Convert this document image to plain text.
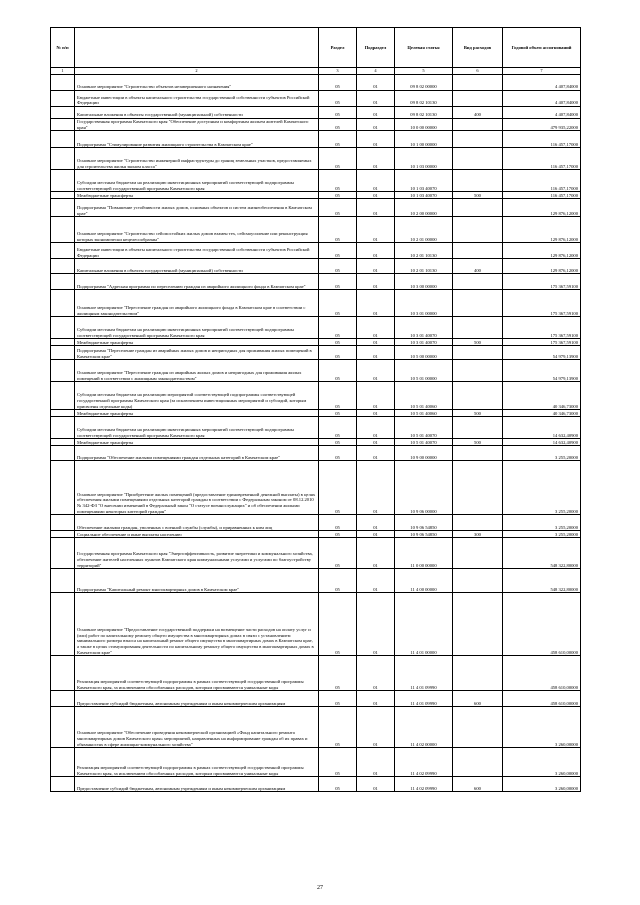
№ п/п		Раздел	Подраздел	Целевая статья	Вид расходов	Годовой объем ассигнований
1	2	3	4	5	6	7
	Основное мероприятие "Строительство объектов незавершенного назначения"	05	01	09 8 02 00000		4 407,84000
	Бюджетные инвестиции в объекты капитального строительства государственной собственности субъектов Российской Федерации	05	01	09 8 02 10130		4 407,84000
	Капитальные вложения в объекты государственной (муниципальной) собственности	05	01	09 8 02 10130	400	4 407,84000
	Государственная программа Камчатского края "Обеспечение доступным и комфортным жильем жителей Камчатского края"	05	01	10 0 00 00000		479 935,22000
	Подпрограмма "Стимулирование развития жилищного строительства в Камчатском крае"	05	01	10 1 00 00000		116 457,17000
	Основное мероприятие "Строительство инженерной инфраструктуры до границ земельных участков, предоставляемых для строительства жилья эконом класса"	05	01	10 1 03 00000		116 457,17000
	Субсидии местным бюджетам на реализацию инвестиционных мероприятий соответствующей подпрограммы соответствующей государственной программы Камчатского края	05	01	10 1 03 40070		116 457,17000
	Межбюджетные трансферты	05	01	10 1 03 40070	500	116 457,17000
	Подпрограмма "Повышение устойчивости жилых домов, основных объектов и систем жизнеобеспечения в Камчатском крае"	05	01	10 2 00 00000		129 876,12000
	Основное мероприятие "Строительство сейсмостойких жилых домов взамен тех, сейсмоусиление или реконструкция которых экономически нецелесообразны"	05	01	10 2 01 00000		129 876,12000
	Бюджетные инвестиции в объекты капитального строительства государственной собственности субъектов Российской Федерации	05	01	10 2 01 10130		129 876,12000
	Капитальные вложения в объекты государственной (муниципальной) собственности	05	01	10 2 01 10130	400	129 876,12000
	Подпрограмма "Адресная программа по переселению граждан из аварийного жилищного фонда в Камчатском крае"	05	01	10 3 00 00000		175 367,59100
	Основное мероприятие "Переселение граждан из аварийного жилищного фонда в Камчатском крае в соответствии с жилищным законодательством"	05	01	10 3 01 00000		175 367,59100
	Субсидии местным бюджетам на реализацию инвестиционных мероприятий соответствующей подпрограммы соответствующей государственной программы Камчатского края	05	01	10 3 01 40070		175 367,59100
	Межбюджетные трансферты	05	01	10 3 01 40070	500	175 367,59100
	Подпрограмма "Переселение граждан из аварийных жилых домов и непригодных для проживания жилых помещений в Камчатском крае"	05	01	10 5 00 00000		54 979,13900
	Основное мероприятие "Переселение граждан из аварийных жилых домов и непригодных для проживания жилых помещений в соответствии с жилищным законодательством"	05	01	10 5 01 00000		54 979,13900
	Субсидии местным бюджетам на реализацию мероприятий соответствующей подпрограммы соответствующей государственной программы Камчатского края (за исключением инвестиционных мероприятий и субсидий, которым присвоены отдельные коды)	05	01	10 5 01 40060		40 346,73000
	Межбюджетные трансферты	05	01	10 5 01 40060	500	40 346,73000
	Субсидии местным бюджетам на реализацию инвестиционных мероприятий соответствующей подпрограммы соответствующей государственной программы Камчатского края	05	01	10 5 01 40070		14 632,40900
	Межбюджетные трансферты	05	01	10 5 01 40070	500	14 632,40900
	Подпрограмма "Обеспечение жилыми помещениями граждан отдельных категорий в Камчатском крае"	05	01	10 9 00 00000		3 255,20000
	Основное мероприятие "Приобретение жилых помещений (предоставление единовременной денежной выплаты) в целях обеспечения жилыми помещениями отдельных категорий граждан в соответствии с Федеральным законом от 08.12.2010 № 342-ФЗ "О внесении изменений в Федеральный закон "О статусе военнослужащих" и об обеспечении жилыми помещениями некоторых категорий граждан"	05	01	10 9 06 00000		3 255,20000
	Обеспечение жилыми граждан, уволенных с военной службы (службы), и приравненных к ним лиц	05	01	10 9 06 54850		3 255,20000
	Социальное обеспечение и иные выплаты населению	05	01	10 9 06 54850	300	3 255,20000
	Государственная программа Камчатского края "Энергоэффективность, развитие энергетики и коммунального хозяйства, обеспечение жителей населенных пунктов Камчатского края коммунальными услугами и услугами по благоустройству территорий"	05	01	11 0 00 00000		548 322,80000
	Подпрограмма "Капитальный ремонт многоквартирных домов в Камчатском крае"	05	01	11 4 00 00000		548 322,80000
	Основное мероприятие "Предоставление государственной поддержки на возмещение части расходов на оплату услуг и (или) работ по капитальному ремонту общего имущества в многоквартирных домах в связи с установлением минимального размера взноса на капитальный ремонт общего имущества в многоквартирных домах в Камчатском крае, а также в целях стимулирования деятельности по капитальному ремонту общего имущества в многоквартирных домах в Камчатском крае"	05	01	11 4 01 00000		458 610,00000
	Реализация мероприятий соответствующей подпрограммы в рамках соответствующей государственной программы Камчатского края, за исключением обособленных расходов, которым присваиваются уникальные коды	05	01	11 4 01 09990		458 610,00000
	Предоставление субсидий бюджетным, автономным учреждениям и иным некоммерческим организациям	05	01	11 4 01 09990	600	458 610,00000
	Основное мероприятие "Обеспечение проведения некоммерческой организацией «Фонд капитального ремонта многоквартирных домов Камчатского края» мероприятий, направленных на информирование граждан об их правах и обязанностях в сфере жилищно-коммунального хозяйства"	05	01	11 4 02 00000		3 260,00000
	Реализация мероприятий соответствующей подпрограммы в рамках соответствующей государственной программы Камчатского края, за исключением обособленных расходов, которым присваиваются уникальные коды	05	01	11 4 02 09990		3 260,00000
	Предоставление субсидий бюджетным, автономным учреждениям и иным некоммерческим организациям	05	01	11 4 02 09990	600	3 260,00000
27
